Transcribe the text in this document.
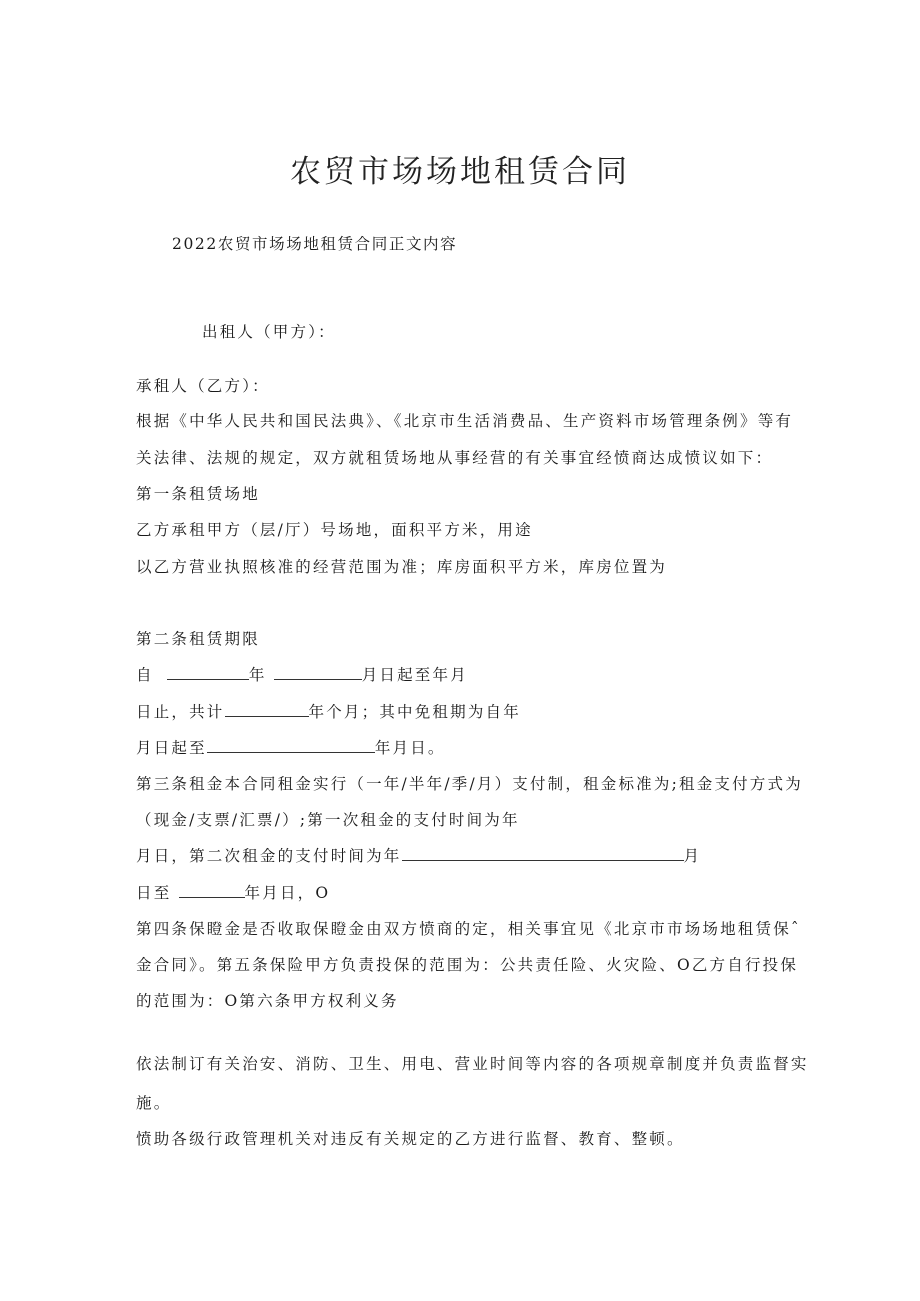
农贸市场场地租赁合同
2022农贸市场场地租赁合同正文内容
出租人（甲方）：
承租人（乙方）：
根据《中华人民共和国民法典》、《北京市生活消费品、生产资料市场管理条例》等有
关法律、法规的规定，双方就租赁场地从事经营的有关事宜经愤商达成愤议如下：
第一条租赁场地
乙方承租甲方（层/厅）号场地，面积平方米，用途
以乙方营业执照核准的经营范围为准；库房面积平方米，库房位置为
第二条租赁期限
自	年	月日起至年月
日止，共计	年个月；其中免租期为自年
月日起至	年月日。
第三条租金本合同租金实行（一年/半年/季/月）支付制，租金标准为;租金支付方式为
（现金/支票/汇票/）;第一次租金的支付时间为年
月日，第二次租金的支付时间为年	月
日至	年月日，O
第四条保瞪金是否收取保瞪金由双方愤商的定，相关事宜见《北京市市场场地租赁保ˆ
金合同》。第五条保险甲方负责投保的范围为：公共责任险、火灾险、O乙方自行投保
的范围为：O第六条甲方权利义务
依法制订有关治安、消防、卫生、用电、营业时间等内容的各项规章制度并负责监督实
施。
愤助各级行政管理机关对违反有关规定的乙方进行监督、教育、整顿。
